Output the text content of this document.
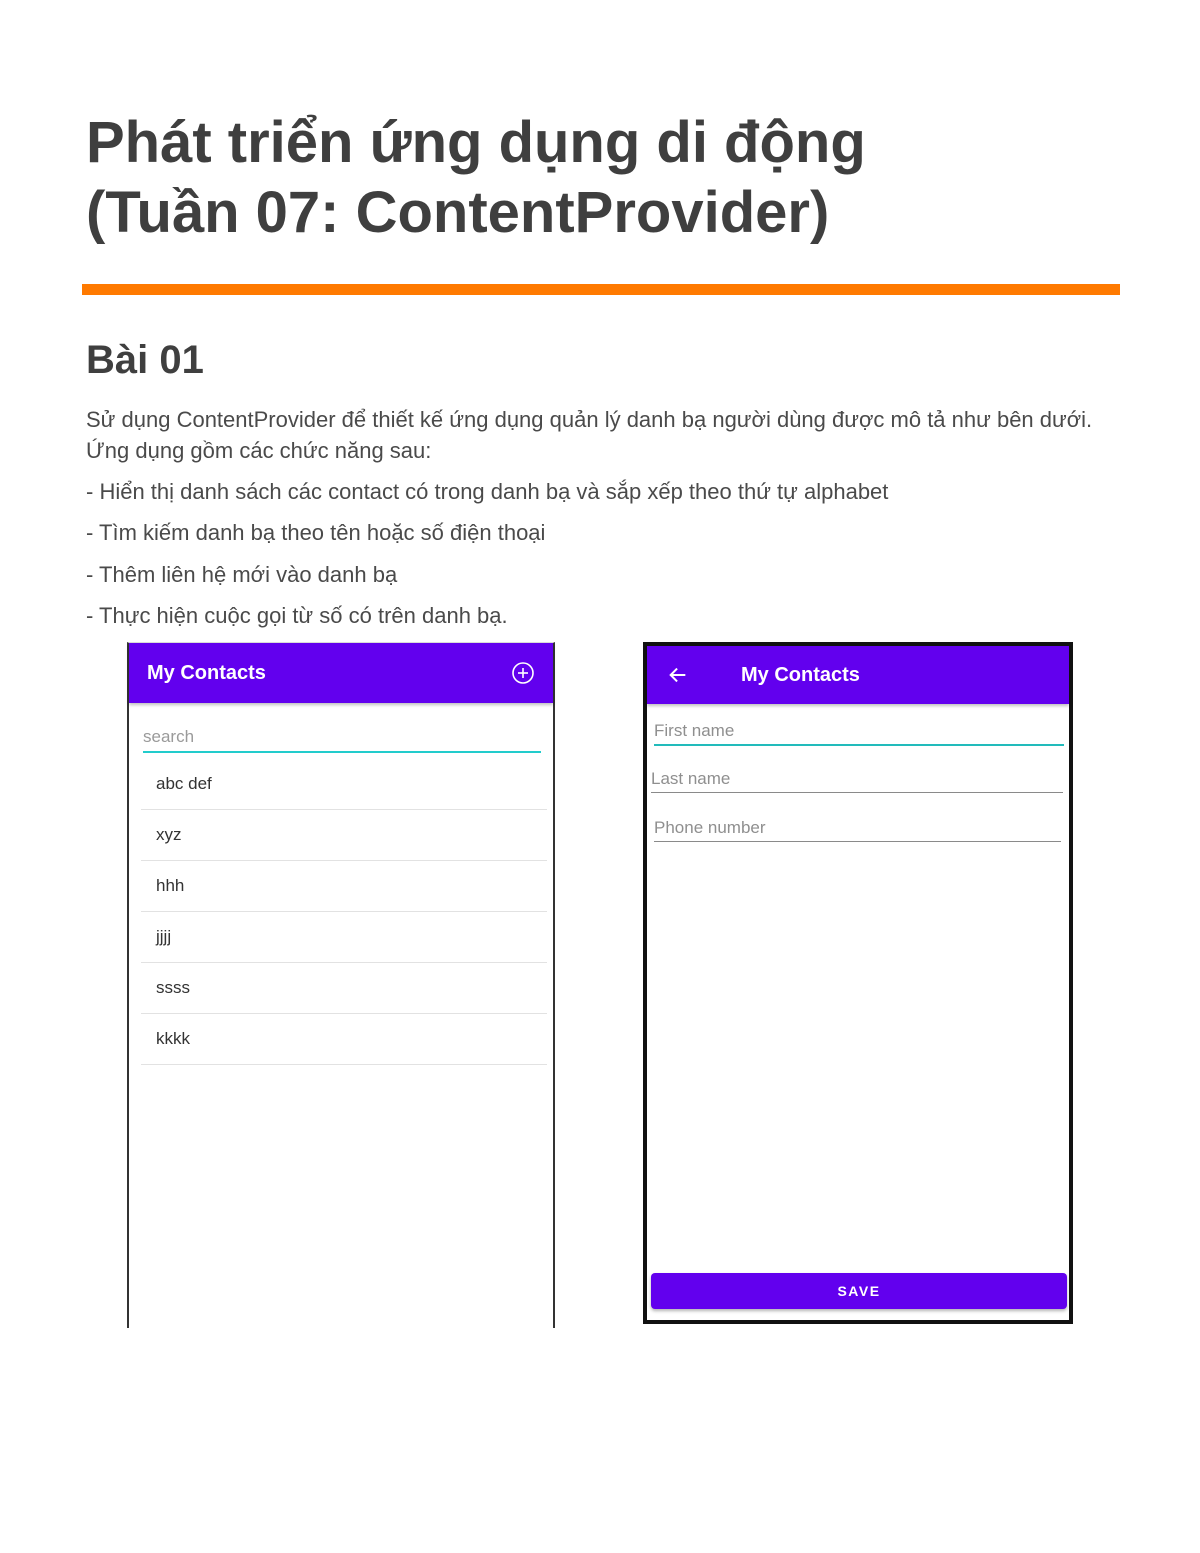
Phát triển ứng dụng di động
(Tuần 07: ContentProvider)
Bài 01

Sử dụng ContentProvider để thiết kế ứng dụng quản lý danh bạ người dùng được mô tả như bên dưới. Ứng dụng gồm các chức năng sau:

- Hiển thị danh sách các contact có trong danh bạ và sắp xếp theo thứ tự alphabet

- Tìm kiếm danh bạ theo tên hoặc số điện thoại

- Thêm liên hệ mới vào danh bạ

- Thực hiện cuộc gọi từ số có trên danh bạ.

My Contacts
search
abc def
xyz
hhh
jjjj
ssss
kkkk
My Contacts
First name
Last name
Phone number
SAVE
